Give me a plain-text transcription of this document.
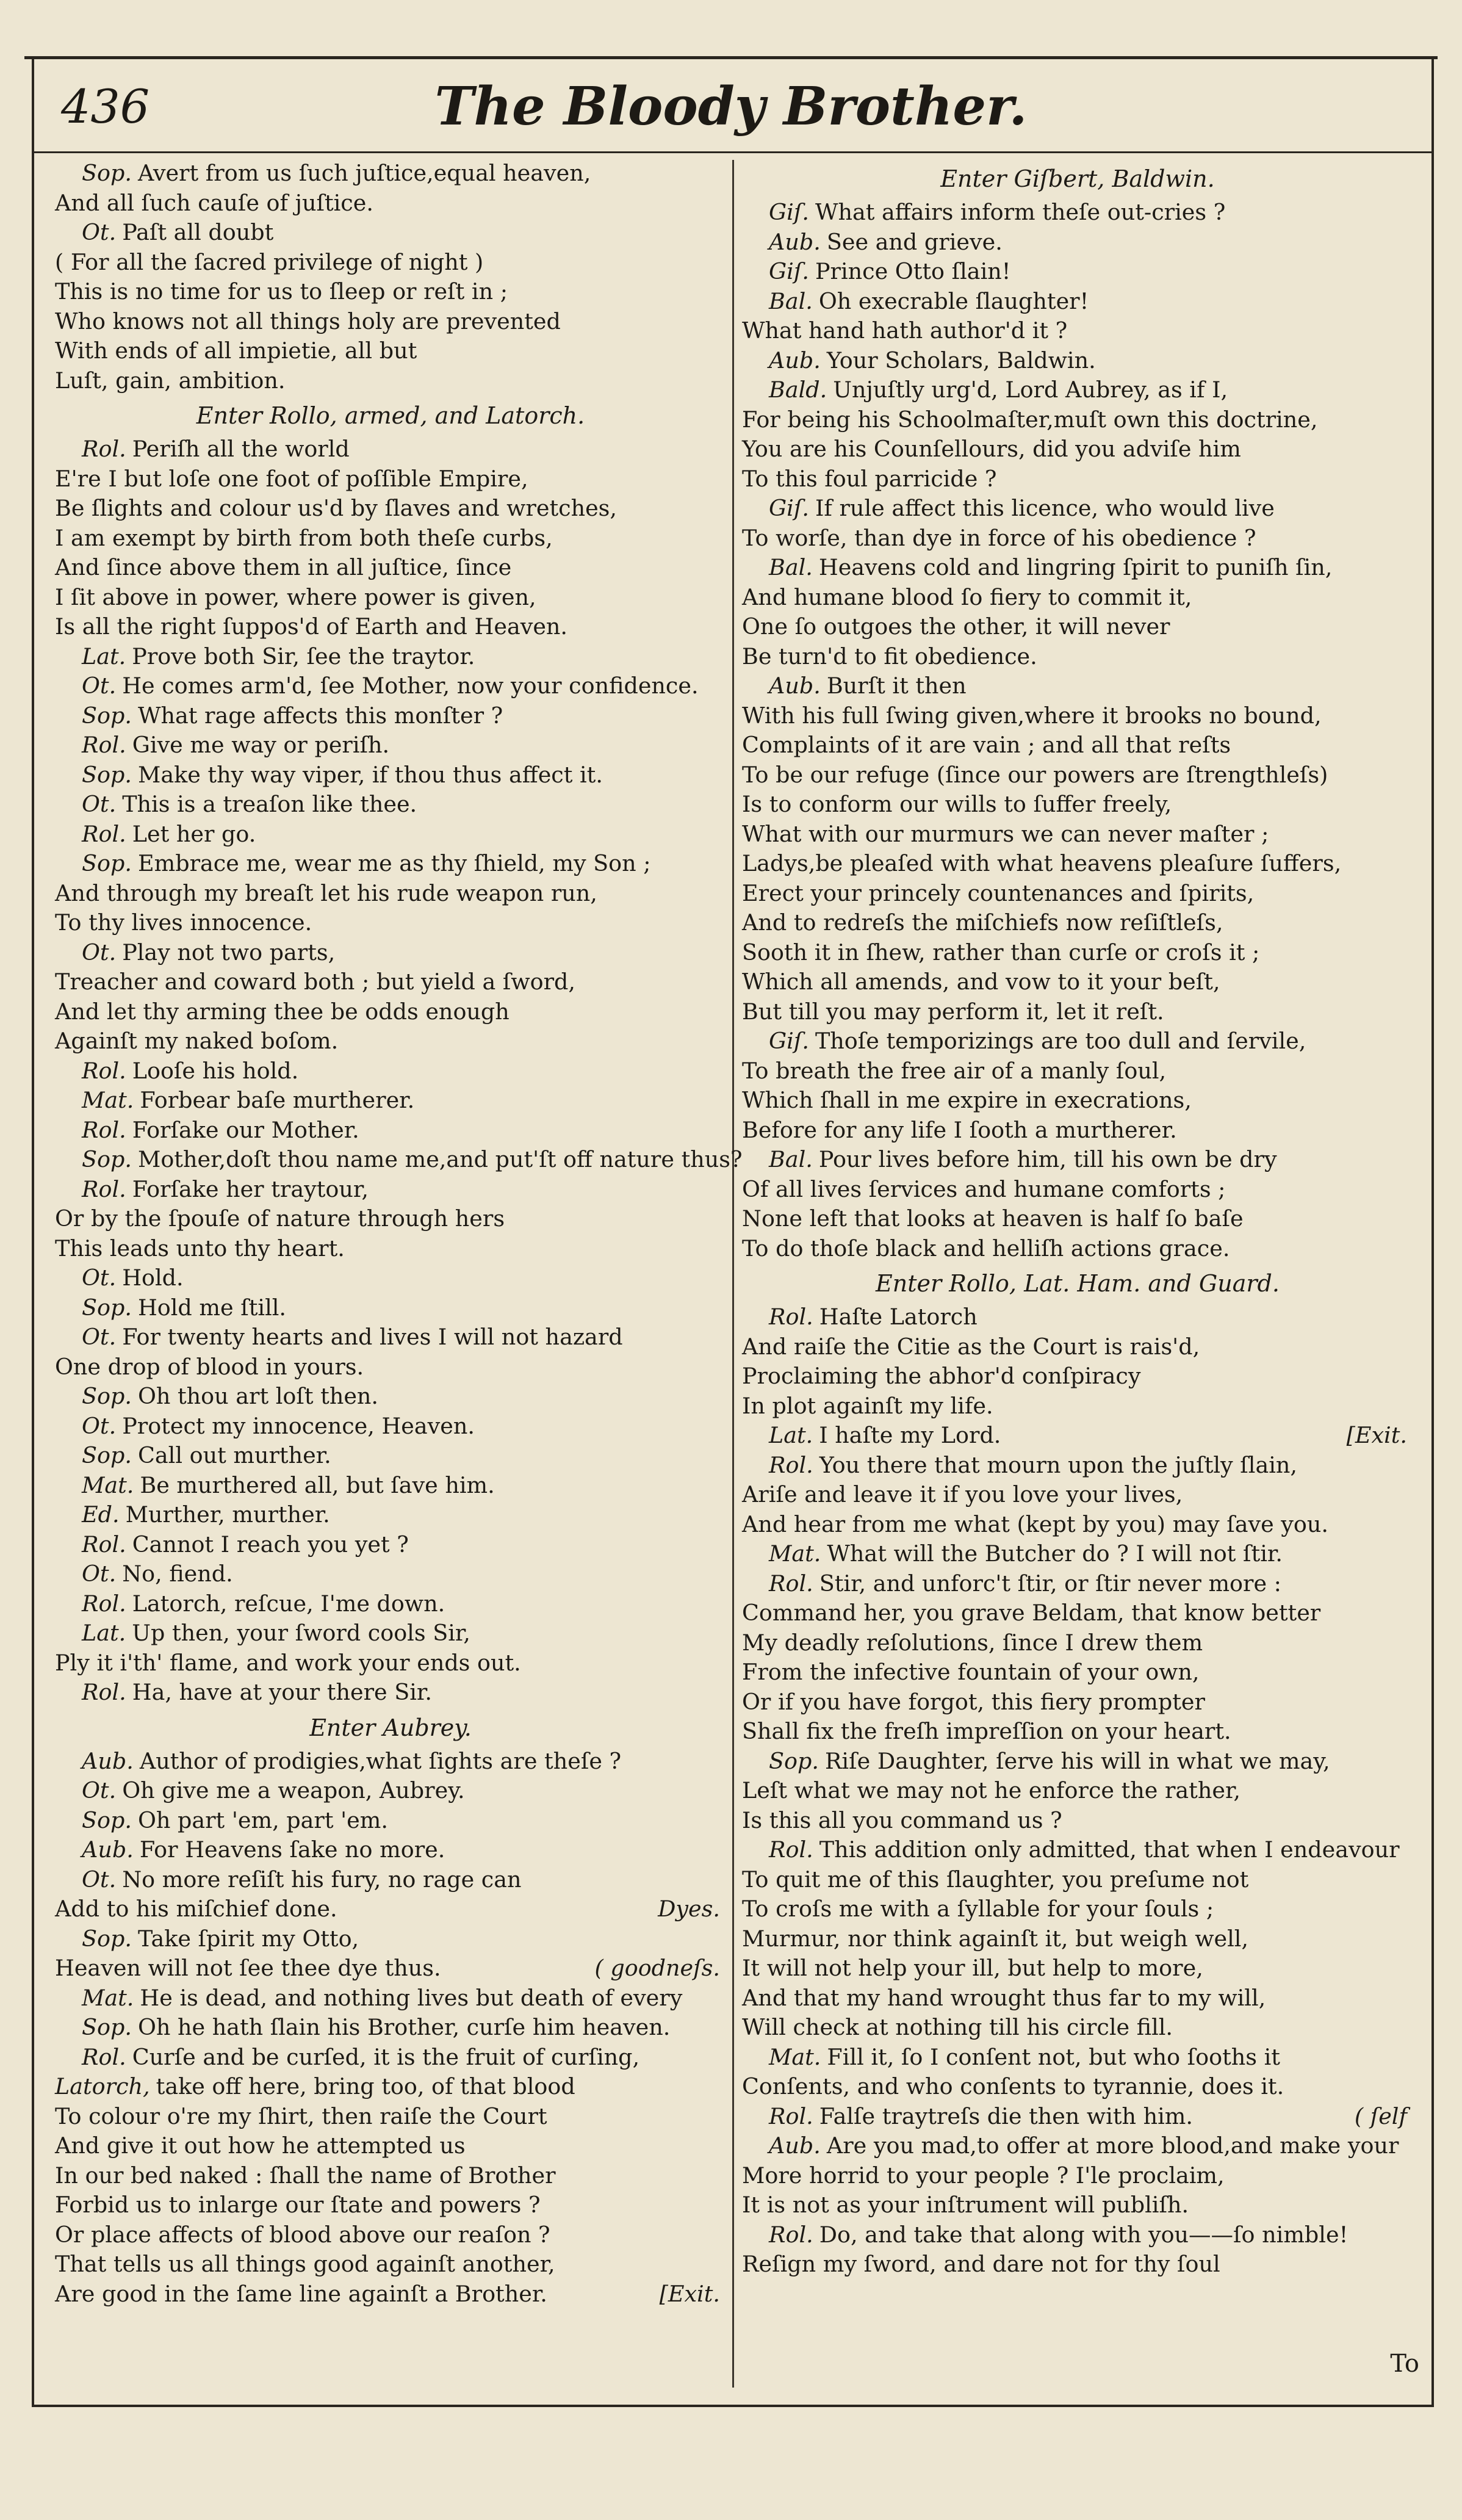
436	The Bloody Brother.
Sop. Avert from us ſuch juſtice,equal heaven,
And all ſuch cauſe of juſtice.
Ot. Paſt all doubt
( For all the ſacred privilege of night )
This is no time for us to ſleep or reſt in ;
Who knows not all things holy are prevented
With ends of all impietie, all but
Luſt, gain, ambition.
Enter Rollo, armed, and Latorch.
Rol. Periſh all the world
E're I but loſe one foot of poſſible Empire,
Be ſlights and colour us'd by ſlaves and wretches,
I am exempt by birth from both theſe curbs,
And ſince above them in all juſtice, ſince
I ſit above in power, where power is given,
Is all the right ſuppos'd of Earth and Heaven.
Lat. Prove both Sir, ſee the traytor.
Ot. He comes arm'd, ſee Mother, now your confidence.
Sop. What rage affects this monſter ?
Rol. Give me way or periſh.
Sop. Make thy way viper, if thou thus affect it.
Ot. This is a treaſon like thee.
Rol. Let her go.
Sop. Embrace me, wear me as thy ſhield, my Son ;
And through my breaſt let his rude weapon run,
To thy lives innocence.
Ot. Play not two parts,
Treacher and coward both ; but yield a ſword,
And let thy arming thee be odds enough
Againſt my naked boſom.
Rol. Looſe his hold.
Mat. Forbear baſe murtherer.
Rol. Forſake our Mother.
Sop. Mother,doſt thou name me,and put'ſt off nature thus?
Rol. Forſake her traytour,
Or by the ſpouſe of nature through hers
This leads unto thy heart.
Ot. Hold.
Sop. Hold me ſtill.
Ot. For twenty hearts and lives I will not hazard
One drop of blood in yours.
Sop. Oh thou art loſt then.
Ot. Protect my innocence, Heaven.
Sop. Call out murther.
Mat. Be murthered all, but ſave him.
Ed. Murther, murther.
Rol. Cannot I reach you yet ?
Ot. No, fiend.
Rol. Latorch, reſcue, I'me down.
Lat. Up then, your ſword cools Sir,
Ply it i'th' flame, and work your ends out.
Rol. Ha, have at your there Sir.
Enter Aubrey.
Aub. Author of prodigies,what ſights are theſe ?
Ot. Oh give me a weapon, Aubrey.
Sop. Oh part 'em, part 'em.
Aub. For Heavens ſake no more.
Ot. No more reſiſt his fury, no rage can
Add to his miſchief done.	Dyes.
Sop. Take ſpirit my Otto,
Heaven will not ſee thee dye thus.	( goodneſs.
Mat. He is dead, and nothing lives but death of every
Sop. Oh he hath ſlain his Brother, curſe him heaven.
Rol. Curſe and be curſed, it is the fruit of curſing,
Latorch, take off here, bring too, of that blood
To colour o're my ſhirt, then raiſe the Court
And give it out how he attempted us
In our bed naked : ſhall the name of Brother
Forbid us to inlarge our ſtate and powers ?
Or place affects of blood above our reaſon ?
That tells us all things good againſt another,
Are good in the ſame line againſt a Brother.	[Exit.
Enter Giſbert, Baldwin.
Giſ. What affairs inform theſe out-cries ?
Aub. See and grieve.
Giſ. Prince Otto ſlain!
Bal. Oh execrable ſlaughter!
What hand hath author'd it ?
Aub. Your Scholars, Baldwin.
Bald. Unjuſtly urg'd, Lord Aubrey, as if I,
For being his Schoolmaſter,muſt own this doctrine,
You are his Counſellours, did you adviſe him
To this foul parricide ?
Giſ. If rule affect this licence, who would live
To worſe, than dye in force of his obedience ?
Bal. Heavens cold and lingring ſpirit to puniſh ſin,
And humane blood ſo fiery to commit it,
One ſo outgoes the other, it will never
Be turn'd to fit obedience.
Aub. Burſt it then
With his full ſwing given,where it brooks no bound,
Complaints of it are vain ; and all that reſts
To be our refuge (ſince our powers are ſtrengthleſs)
Is to conform our wills to ſuffer freely,
What with our murmurs we can never maſter ;
Ladys,be pleaſed with what heavens pleaſure ſuffers,
Erect your princely countenances and ſpirits,
And to redreſs the miſchiefs now reſiſtleſs,
Sooth it in ſhew, rather than curſe or croſs it ;
Which all amends, and vow to it your beſt,
But till you may perform it, let it reſt.
Giſ. Thoſe temporizings are too dull and ſervile,
To breath the free air of a manly ſoul,
Which ſhall in me expire in execrations,
Before for any life I ſooth a murtherer.
Bal. Pour lives before him, till his own be dry
Of all lives ſervices and humane comforts ;
None left that looks at heaven is half ſo baſe
To do thoſe black and helliſh actions grace.
Enter Rollo, Lat. Ham. and Guard.
Rol. Haſte Latorch
And raiſe the Citie as the Court is rais'd,
Proclaiming the abhor'd conſpiracy
In plot againſt my life.
Lat. I haſte my Lord.	[Exit.
Rol. You there that mourn upon the juſtly ſlain,
Ariſe and leave it if you love your lives,
And hear from me what (kept by you) may ſave you.
Mat. What will the Butcher do ? I will not ſtir.
Rol. Stir, and unforc't ſtir, or ſtir never more :
Command her, you grave Beldam, that know better
My deadly reſolutions, ſince I drew them
From the infective fountain of your own,
Or if you have forgot, this fiery prompter
Shall fix the freſh impreſſion on your heart.
Sop. Riſe Daughter, ſerve his will in what we may,
Leſt what we may not he enforce the rather,
Is this all you command us ?
Rol. This addition only admitted, that when I endeavour
To quit me of this ſlaughter, you preſume not
To croſs me with a ſyllable for your ſouls ;
Murmur, nor think againſt it, but weigh well,
It will not help your ill, but help to more,
And that my hand wrought thus far to my will,
Will check at nothing till his circle fill.
Mat. Fill it, ſo I conſent not, but who ſooths it
Conſents, and who conſents to tyrannie, does it.
Rol. Falſe traytreſs die then with him.	( ſelf
Aub. Are you mad,to offer at more blood,and make your
More horrid to your people ? I'le proclaim,
It is not as your inſtrument will publiſh.
Rol. Do, and take that along with you——ſo nimble!
Reſign my ſword, and dare not for thy ſoul
To
